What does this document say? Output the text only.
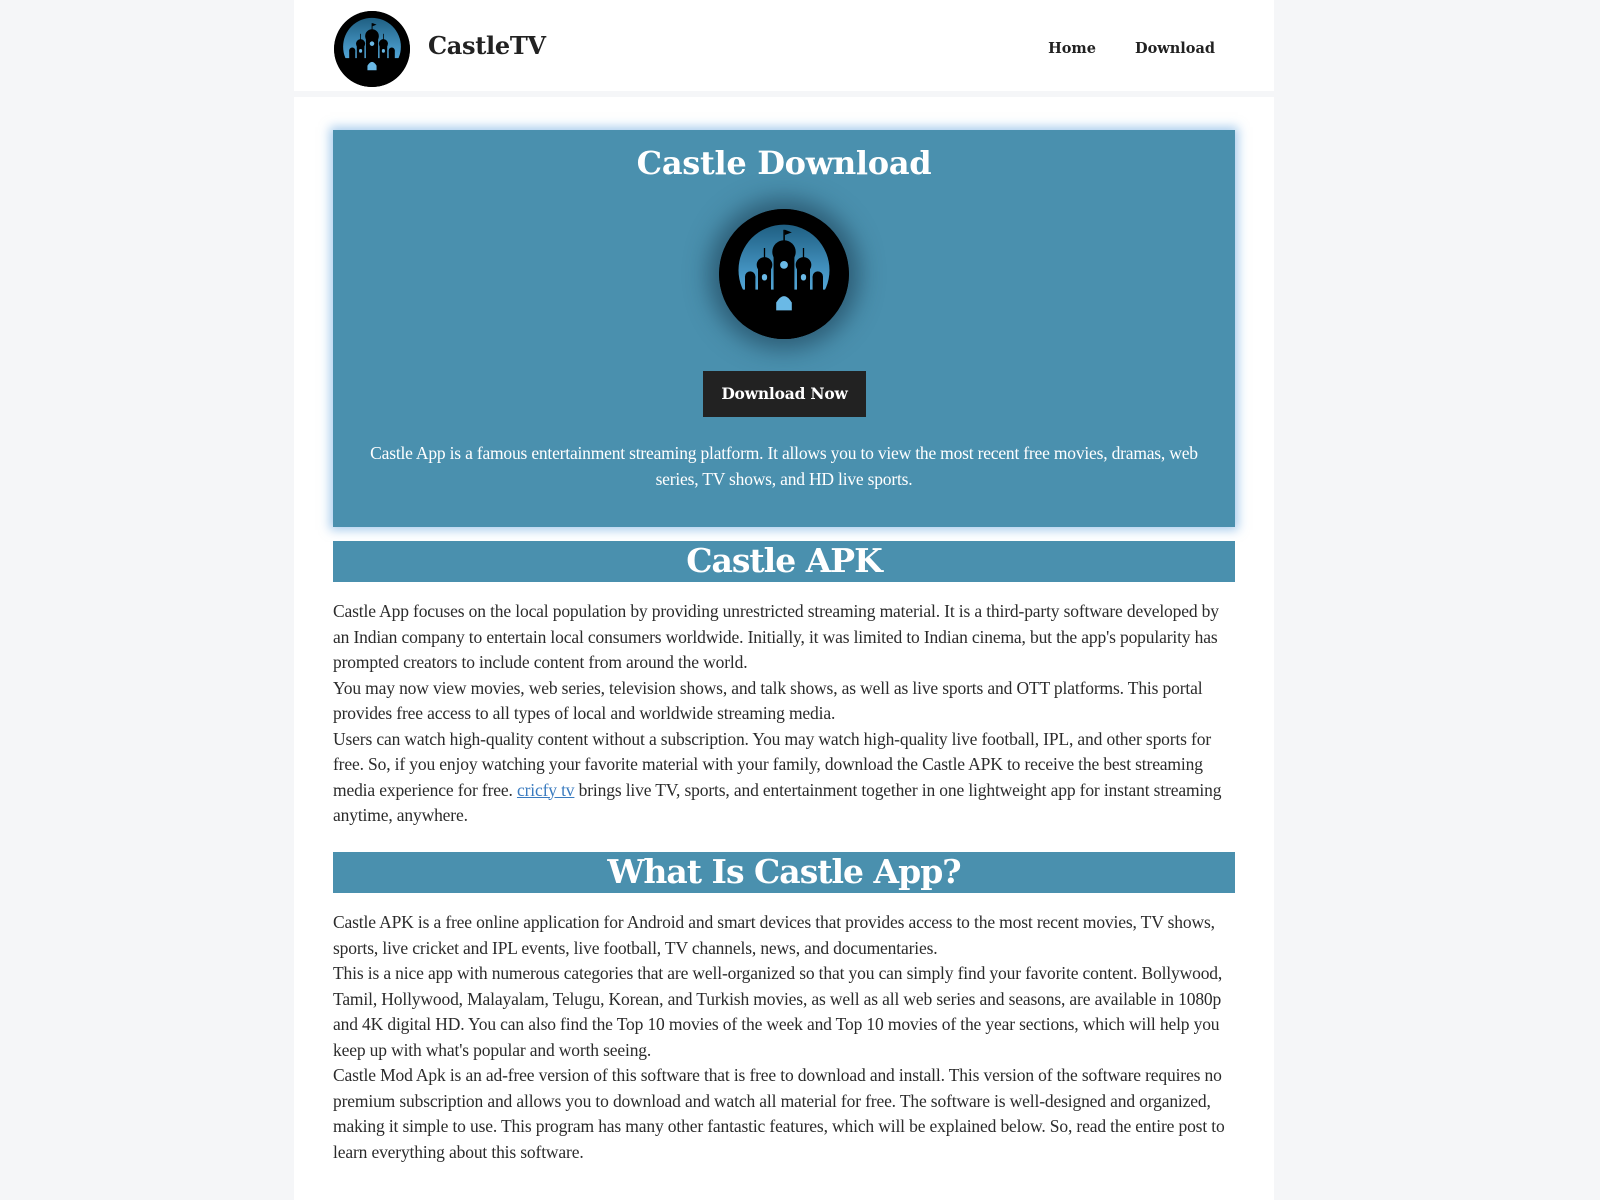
CastleTV	Home	Download
Castle Download
Download Now

Castle App is a famous entertainment streaming platform. It allows you to view the most recent free movies, dramas, web series, TV shows, and HD live sports.

Castle APK

Castle App focuses on the local population by providing unrestricted streaming material. It is a third-party software developed by an Indian company to entertain local consumers worldwide. Initially, it was limited to Indian cinema, but the app's popularity has prompted creators to include content from around the world.

You may now view movies, web series, television shows, and talk shows, as well as live sports and OTT platforms. This portal provides free access to all types of local and worldwide streaming media.

Users can watch high-quality content without a subscription. You may watch high-quality live football, IPL, and other sports for free. So, if you enjoy watching your favorite material with your family, download the Castle APK to receive the best streaming media experience for free. cricfy tv brings live TV, sports, and entertainment together in one lightweight app for instant streaming anytime, anywhere.

What Is Castle App?

Castle APK is a free online application for Android and smart devices that provides access to the most recent movies, TV shows, sports, live cricket and IPL events, live football, TV channels, news, and documentaries.

This is a nice app with numerous categories that are well-organized so that you can simply find your favorite content. Bollywood, Tamil, Hollywood, Malayalam, Telugu, Korean, and Turkish movies, as well as all web series and seasons, are available in 1080p and 4K digital HD. You can also find the Top 10 movies of the week and Top 10 movies of the year sections, which will help you keep up with what's popular and worth seeing.

Castle Mod Apk is an ad-free version of this software that is free to download and install. This version of the software requires no premium subscription and allows you to download and watch all material for free. The software is well-designed and organized, making it simple to use. This program has many other fantastic features, which will be explained below. So, read the entire post to learn everything about this software.
